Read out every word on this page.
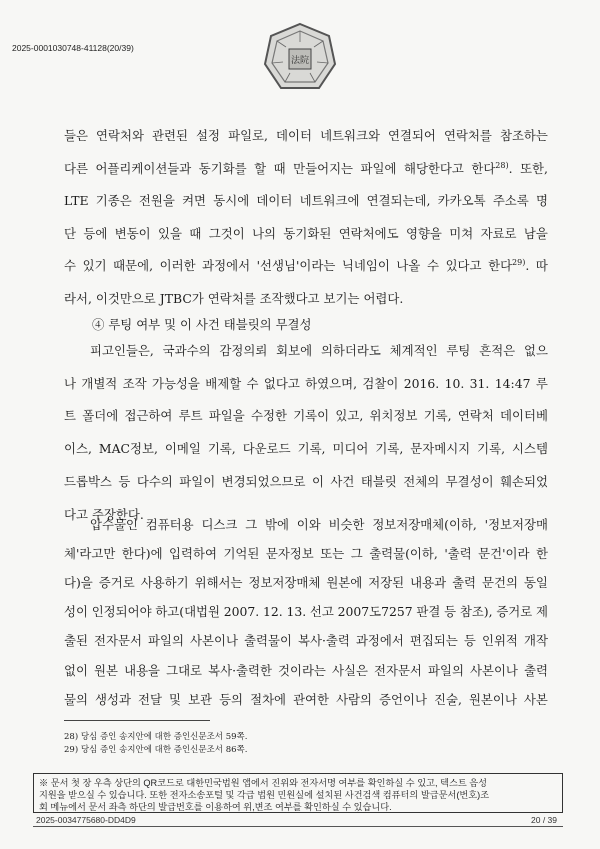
2025-0001030748-41128(20/39)
法院
들은 연락처와 관련된 설정 파일로, 데이터 네트워크와 연결되어 연락처를 참조하는
다른 어플리케이션들과 동기화를 할 때 만들어지는 파일에 해당한다고 한다$^{28)}$. 또한,
LTE 기종은 전원을 켜면 동시에 데이터 네트워크에 연결되는데, 카카오톡 주소록 명
단 등에 변동이 있을 때 그것이 나의 동기화된 연락처에도 영향을 미쳐 자료로 남을
수 있기 때문에, 이러한 과정에서 '선생님'이라는 닉네임이 나올 수 있다고 한다$^{29)}$. 따
라서, 이것만으로 JTBC가 연락처를 조작했다고 보기는 어렵다.
④ 루팅 여부 및 이 사건 태블릿의 무결성
피고인들은, 국과수의 감정의뢰 회보에 의하더라도 체계적인 루팅 흔적은 없으
나 개별적 조작 가능성을 배제할 수 없다고 하였으며, 검찰이 2016. 10. 31. 14:47 루
트 폴더에 접근하여 루트 파일을 수정한 기록이 있고, 위치정보 기록, 연락처 데이터베
이스, MAC정보, 이메일 기록, 다운로드 기록, 미디어 기록, 문자메시지 기록, 시스템
드롭박스 등 다수의 파일이 변경되었으므로 이 사건 태블릿 전체의 무결성이 훼손되었
다고 주장한다.
압수물인 컴퓨터용 디스크 그 밖에 이와 비슷한 정보저장매체(이하, '정보저장매
체'라고만 한다)에 입력하여 기억된 문자정보 또는 그 출력물(이하, '출력 문건'이라 한
다)을 증거로 사용하기 위해서는 정보저장매체 원본에 저장된 내용과 출력 문건의 동일
성이 인정되어야 하고(대법원 2007. 12. 13. 선고 2007도7257 판결 등 참조), 증거로 제
출된 전자문서 파일의 사본이나 출력물이 복사·출력 과정에서 편집되는 등 인위적 개작
없이 원본 내용을 그대로 복사·출력한 것이라는 사실은 전자문서 파일의 사본이나 출력
물의 생성과 전달 및 보관 등의 절차에 관여한 사람의 증언이나 진술, 원본이나 사본
28) 당심 증인 송지안에 대한 증인신문조서 59쪽.
29) 당심 증인 송지안에 대한 증인신문조서 86쪽.
※ 문서 첫 장 우측 상단의 QR코드로 대한민국법원 앱에서 진위와 전자서명 여부를 확인하실 수 있고, 텍스트 음성
지원을 받으실 수 있습니다. 또한 전자소송포털 및 각급 법원 민원실에 설치된 사건검색 컴퓨터의 발급문서(번호)조
회 메뉴에서 문서 좌측 하단의 발급번호를 이용하여 위,변조 여부를 확인하실 수 있습니다.
2025-0034775680-DD4D9	20 / 39
